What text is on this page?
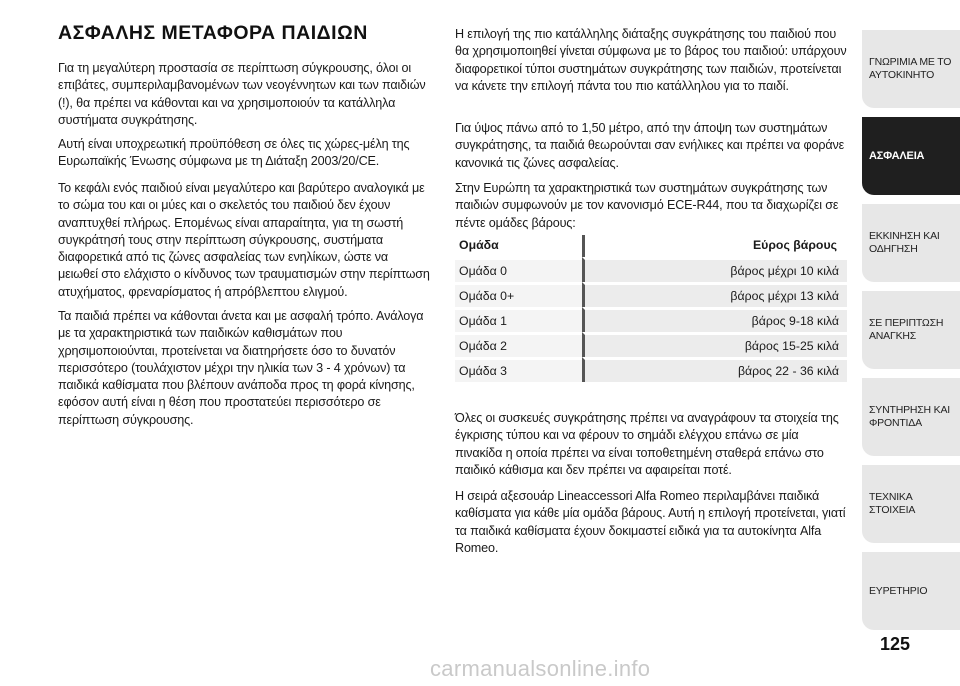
ΑΣΦΑΛΗΣ ΜΕΤΑΦΟΡΑ ΠΑΙΔΙΩΝ

Για τη μεγαλύτερη προστασία σε περίπτωση σύγκρουσης, όλοι οι επιβάτες, συμπεριλαμβανομένων των νεογέννητων και των παιδιών (!), θα πρέπει να κάθονται και να χρησιμοποιούν τα κατάλληλα συστήματα συγκράτησης.

Αυτή είναι υποχρεωτική προϋπόθεση σε όλες τις χώρες-μέλη της Ευρωπαϊκής Ένωσης σύμφωνα με τη Διάταξη 2003/20/CE.

Το κεφάλι ενός παιδιού είναι μεγαλύτερο και βαρύτερο αναλογικά με το σώμα του και οι μύες και ο σκελετός του παιδιού δεν έχουν αναπτυχθεί πλήρως. Επομένως είναι απαραίτητα, για τη σωστή συγκράτησή τους στην περίπτωση σύγκρουσης, συστήματα διαφορετικά από τις ζώνες ασφαλείας των ενηλίκων, ώστε να μειωθεί στο ελάχιστο ο κίνδυνος των τραυματισμών στην περίπτωση ατυχήματος, φρεναρίσματος ή απρόβλεπτου ελιγμού.

Τα παιδιά πρέπει να κάθονται άνετα και με ασφαλή τρόπο. Ανάλογα με τα χαρακτηριστικά των παιδικών καθισμάτων που χρησιμοποιούνται, προτείνεται να διατηρήσετε όσο το δυνατόν περισσότερο (τουλάχιστον μέχρι την ηλικία των 3 - 4 χρόνων) τα παιδικά καθίσματα που βλέπουν ανάποδα προς τη φορά κίνησης, εφόσον αυτή είναι η θέση που προστατεύει περισσότερο σε περίπτωση σύγκρουσης.

Η επιλογή της πιο κατάλληλης διάταξης συγκράτησης του παιδιού που θα χρησιμοποιηθεί γίνεται σύμφωνα με το βάρος του παιδιού: υπάρχουν διαφορετικοί τύποι συστημάτων συγκράτησης των παιδιών, προτείνεται να κάνετε την επιλογή πάντα του πιο κατάλληλου για το παιδί.

Για ύψος πάνω από το 1,50 μέτρο, από την άποψη των συστημάτων συγκράτησης, τα παιδιά θεωρούνται σαν ενήλικες και πρέπει να φοράνε κανονικά τις ζώνες ασφαλείας.

Στην Ευρώπη τα χαρακτηριστικά των συστημάτων συγκράτησης των παιδιών συμφωνούν με τον κανονισμό ECE-R44, που τα διαχωρίζει σε πέντε ομάδες βάρους:

Ομάδα	Εύρος βάρους
Ομάδα 0	βάρος μέχρι 10 κιλά
Ομάδα 0+	βάρος μέχρι 13 κιλά
Ομάδα 1	βάρος 9-18 κιλά
Ομάδα 2	βάρος 15-25 κιλά
Ομάδα 3	βάρος 22 - 36 κιλά

Όλες οι συσκευές συγκράτησης πρέπει να αναγράφουν τα στοιχεία της έγκρισης τύπου και να φέρουν το σημάδι ελέγχου επάνω σε μία πινακίδα η οποία πρέπει να είναι τοποθετημένη σταθερά επάνω στο παιδικό κάθισμα και δεν πρέπει να αφαιρείται ποτέ.

Η σειρά αξεσουάρ Lineaccessori Alfa Romeo περιλαμβάνει παιδικά καθίσματα για κάθε μία ομάδα βάρους. Αυτή η επιλογή προτείνεται, γιατί τα παιδικά καθίσματα έχουν δοκιμαστεί ειδικά για τα αυτοκίνητα Alfa Romeo.

ΓΝΩΡΙΜΙΑ ΜΕ ΤΟ
ΑΥΤΟΚΙΝΗΤΟ
ΑΣΦΑΛΕΙΑ
ΕΚΚΙΝΗΣΗ ΚΑΙ
ΟΔΗΓΗΣΗ
ΣΕ ΠΕΡΙΠΤΩΣΗ
ΑΝΑΓΚΗΣ
ΣΥΝΤΗΡΗΣΗ ΚΑΙ
ΦΡΟΝΤΙΔΑ
ΤΕΧΝΙΚΑ ΣΤΟΙΧΕΙΑ
ΕΥΡΕΤΗΡΙΟ
125
carmanualsonline.info
